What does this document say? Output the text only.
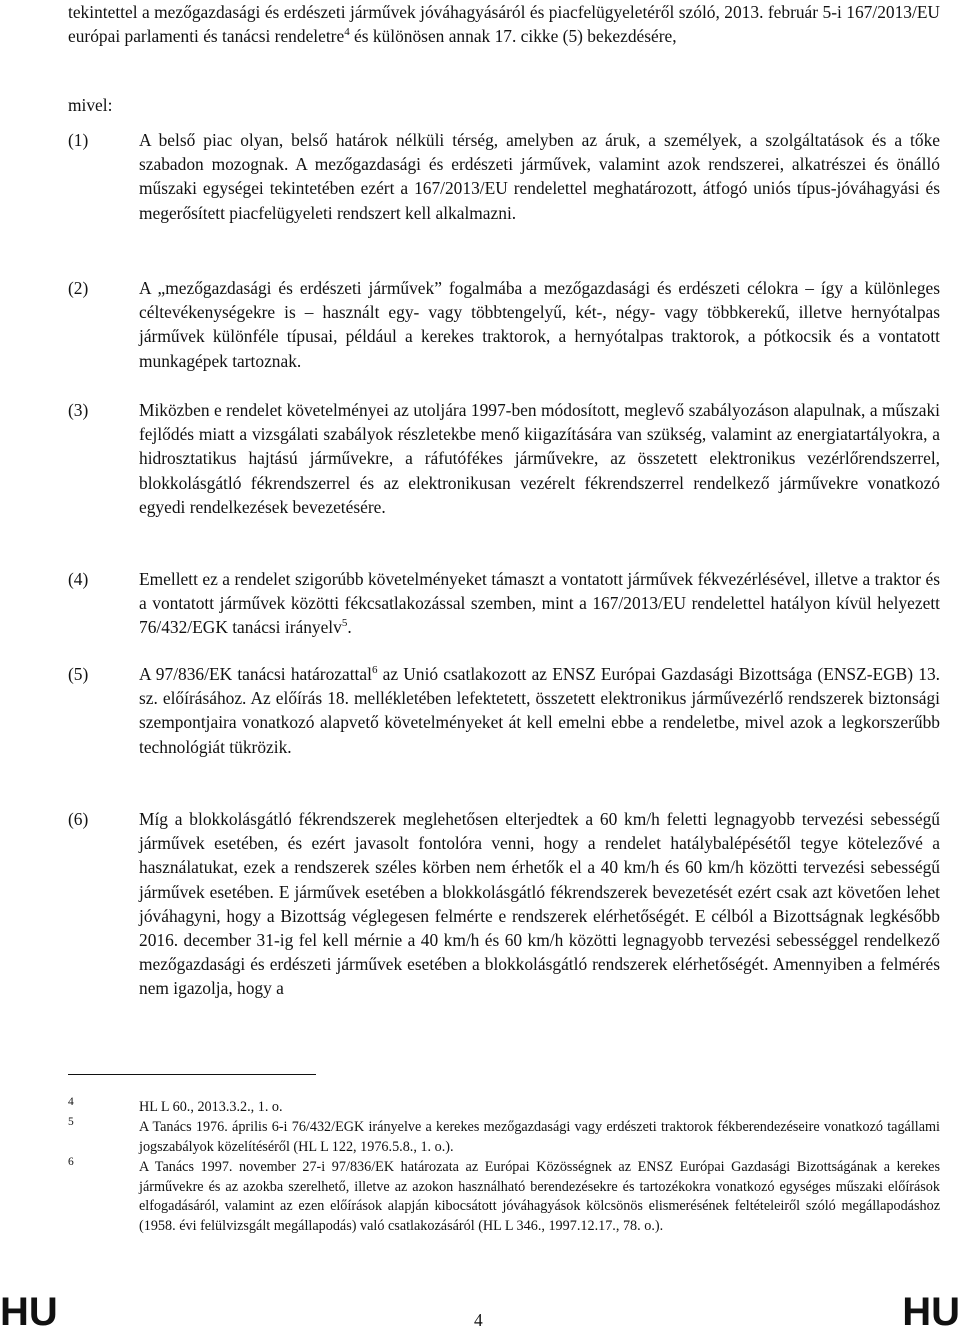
tekintettel a mezőgazdasági és erdészeti járművek jóváhagyásáról és piacfelügyeletéről szóló, 2013. február 5-i 167/2013/EU európai parlamenti és tanácsi rendeletre$^4$ és különösen annak 17. cikke (5) bekezdésére,
mivel:
(1)	A belső piac olyan, belső határok nélküli térség, amelyben az áruk, a személyek, a szolgáltatások és a tőke szabadon mozognak. A mezőgazdasági és erdészeti járművek, valamint azok rendszerei, alkatrészei és önálló műszaki egységei tekintetében ezért a 167/2013/EU rendelettel meghatározott, átfogó uniós típus-jóváhagyási és megerősített piacfelügyeleti rendszert kell alkalmazni.
(2)	A „mezőgazdasági és erdészeti járművek” fogalmába a mezőgazdasági és erdészeti célokra – így a különleges céltevékenységekre is – használt egy- vagy többtengelyű, két-, négy- vagy többkerekű, illetve hernyótalpas járművek különféle típusai, például a kerekes traktorok, a hernyótalpas traktorok, a pótkocsik és a vontatott munkagépek tartoznak.
(3)	Miközben e rendelet követelményei az utoljára 1997-ben módosított, meglevő szabályozáson alapulnak, a műszaki fejlődés miatt a vizsgálati szabályok részletekbe menő kiigazítására van szükség, valamint az energiatartályokra, a hidrosztatikus hajtású járművekre, a ráfutófékes járművekre, az összetett elektronikus vezérlőrendszerrel, blokkolásgátló fékrendszerrel és az elektronikusan vezérelt fékrendszerrel rendelkező járművekre vonatkozó egyedi rendelkezések bevezetésére.
(4)	Emellett ez a rendelet szigorúbb követelményeket támaszt a vontatott járművek fékvezérlésével, illetve a traktor és a vontatott járművek közötti fékcsatlakozással szemben, mint a 167/2013/EU rendelettel hatályon kívül helyezett 76/432/EGK tanácsi irányelv$^5$.
(5)	A 97/836/EK tanácsi határozattal$^6$ az Unió csatlakozott az ENSZ Európai Gazdasági Bizottsága (ENSZ-EGB) 13. sz. előírásához. Az előírás 18. mellékletében lefektetett, összetett elektronikus járművezérlő rendszerek biztonsági szempontjaira vonatkozó alapvető követelményeket át kell emelni ebbe a rendeletbe, mivel azok a legkorszerűbb technológiát tükrözik.
(6)	Míg a blokkolásgátló fékrendszerek meglehetősen elterjedtek a 60 km/h feletti legnagyobb tervezési sebességű járművek esetében, és ezért javasolt fontolóra venni, hogy a rendelet hatálybalépésétől tegye kötelezővé a használatukat, ezek a rendszerek széles körben nem érhetők el a 40 km/h és 60 km/h közötti tervezési sebességű járművek esetében. E járművek esetében a blokkolásgátló fékrendszerek bevezetését ezért csak azt követően lehet jóváhagyni, hogy a Bizottság véglegesen felmérte e rendszerek elérhetőségét. E célból a Bizottságnak legkésőbb 2016. december 31-ig fel kell mérnie a 40 km/h és 60 km/h közötti legnagyobb tervezési sebességgel rendelkező mezőgazdasági és erdészeti járművek esetében a blokkolásgátló rendszerek elérhetőségét. Amennyiben a felmérés nem igazolja, hogy a
4	HL L 60., 2013.3.2., 1. o.
5	A Tanács 1976. április 6-i 76/432/EGK irányelve a kerekes mezőgazdasági vagy erdészeti traktorok fékberendezéseire vonatkozó tagállami jogszabályok közelítéséről (HL L 122, 1976.5.8., 1. o.).
6	A Tanács 1997. november 27-i 97/836/EK határozata az Európai Közösségnek az ENSZ Európai Gazdasági Bizottságának a kerekes járművekre és az azokba szerelhető, illetve az azokon használható berendezésekre és tartozékokra vonatkozó egységes műszaki előírások elfogadásáról, valamint az ezen előírások alapján kibocsátott jóváhagyások kölcsönös elismerésének feltételeiről szóló megállapodáshoz (1958. évi felülvizsgált megállapodás) való csatlakozásáról (HL L 346., 1997.12.17., 78. o.).
HU	4	HU
